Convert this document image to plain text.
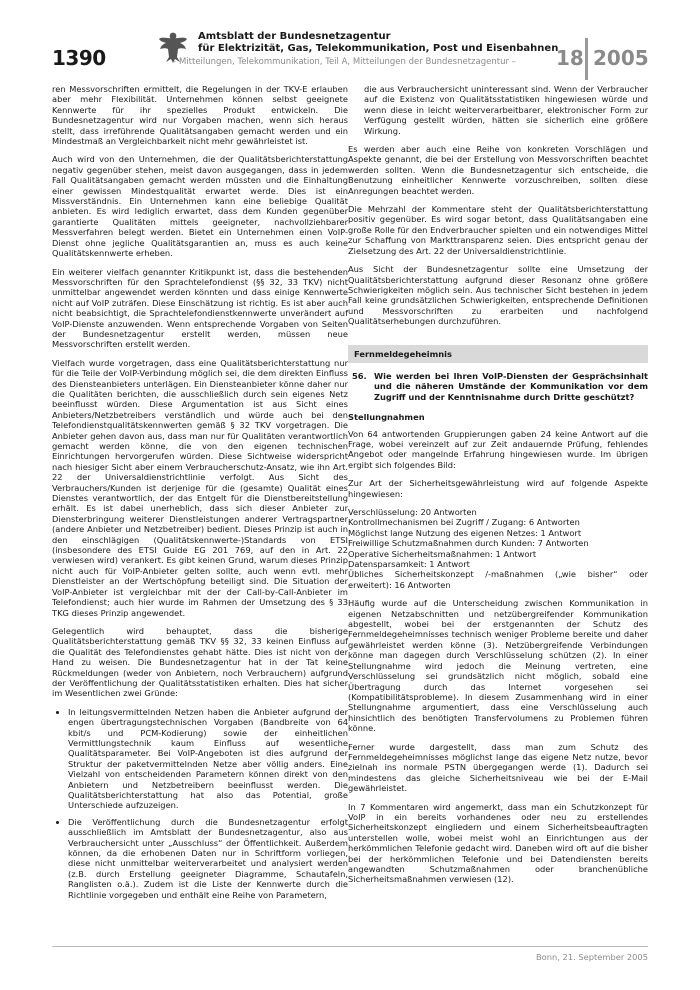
1390
Amtsblatt der Bundesnetzagentur
für Elektrizität, Gas, Telekommunikation, Post und Eisenbahnen
– Mitteilungen, Telekommunikation, Teil A, Mitteilungen der Bundesnetzagentur – 18 2005

ren Messvorschriften ermittelt, die Regelungen in der TKV-E erlauben aber mehr Flexibilität. Unternehmen können selbst geeignete Kennwerte für ihr spezielles Produkt entwickeln. Die Bundesnetzagentur wird nur Vorgaben machen, wenn sich heraus stellt, dass irreführende Qualitätsangaben gemacht werden und ein Mindestmaß an Vergleichbarkeit nicht mehr gewährleistet ist.

Auch wird von den Unternehmen, die der Qualitätsberichterstattung negativ gegenüber stehen, meist davon ausgegangen, dass in jedem Fall Qualitätsangaben gemacht werden müssten und die Einhaltung einer gewissen Mindestqualität erwartet werde. Dies ist ein Missverständnis. Ein Unternehmen kann eine beliebige Qualität anbieten. Es wird lediglich erwartet, dass dem Kunden gegenüber garantierte Qualitäten mittels geeigneter, nachvollziehbarer Messverfahren belegt werden. Bietet ein Unternehmen einen VoIP-Dienst ohne jegliche Qualitätsgarantien an, muss es auch keine Qualitätskennwerte erheben.

Ein weiterer vielfach genannter Kritikpunkt ist, dass die bestehenden Messvorschriften für den Sprachtelefondienst (§§ 32, 33 TKV) nicht unmittelbar angewendet werden könnten und dass einige Kennwerte nicht auf VoIP zuträfen. Diese Einschätzung ist richtig. Es ist aber auch nicht beabsichtigt, die Sprachtelefondienstkennwerte unverändert auf VoIP-Dienste anzuwenden. Wenn entsprechende Vorgaben von Seiten der Bundesnetzagentur erstellt werden, müssen neue Messvorschriften erstellt werden.

Vielfach wurde vorgetragen, dass eine Qualitätsberichterstattung nur für die Teile der VoIP-Verbindung möglich sei, die dem direkten Einfluss des Diensteanbieters unterlägen. Ein Diensteanbieter könne daher nur die Qualitäten berichten, die ausschließlich durch sein eigenes Netz beeinflusst würden. Diese Argumentation ist aus Sicht eines Anbieters/Netzbetreibers verständlich und würde auch bei den Telefondienstqualitätskennwerten gemäß § 32 TKV vorgetragen. Die Anbieter gehen davon aus, dass man nur für Qualitäten verantwortlich gemacht werden könne, die von den eigenen technischen Einrichtungen hervorgerufen würden. Diese Sichtweise widerspricht nach hiesiger Sicht aber einem Verbraucherschutz-Ansatz, wie ihn Art. 22 der Universaldienstrichtlinie verfolgt. Aus Sicht des Verbrauchers/Kunden ist derjenige für die (gesamte) Qualität eines Dienstes verantwortlich, der das Entgelt für die Dienstbereitstellung erhält. Es ist dabei unerheblich, dass sich dieser Anbieter zur Diensterbringung weiterer Dienstleistungen anderer Vertragspartner (andere Anbieter und Netzbetreiber) bedient. Dieses Prinzip ist auch in den einschlägigen (Qualitätskennwerte-)Standards von ETSI (insbesondere des ETSI Guide EG 201 769, auf den in Art. 22 verwiesen wird) verankert. Es gibt keinen Grund, warum dieses Prinzip nicht auch für VoIP-Anbieter gelten sollte, auch wenn evtl. mehr Dienstleister an der Wertschöpfung beteiligt sind. Die Situation der VoIP-Anbieter ist vergleichbar mit der der Call-by-Call-Anbieter im Telefondienst; auch hier wurde im Rahmen der Umsetzung des § 33 TKG dieses Prinzip angewendet.

Gelegentlich wird behauptet, dass die bisherige Qualitätsberichterstattung gemäß TKV §§ 32, 33 keinen Einfluss auf die Qualität des Telefondienstes gehabt hätte. Dies ist nicht von der Hand zu weisen. Die Bundesnetzagentur hat in der Tat keine Rückmeldungen (weder von Anbietern, noch Verbrauchern) aufgrund der Veröffentlichung der Qualitätsstatistiken erhalten. Dies hat sicher im Wesentlichen zwei Gründe:

• In leitungsvermittelnden Netzen haben die Anbieter aufgrund der engen übertragungstechnischen Vorgaben (Bandbreite von 64 kbit/s und PCM-Kodierung) sowie der einheitlichen Vermittlungstechnik kaum Einfluss auf wesentliche Qualitätsparameter. Bei VoIP-Angeboten ist dies aufgrund der Struktur der paketvermittelnden Netze aber völlig anders. Eine Vielzahl von entscheidenden Parametern können direkt von den Anbietern und Netzbetreibern beeinflusst werden. Die Qualitätsberichterstattung hat also das Potential, große Unterschiede aufzuzeigen.
• Die Veröffentlichung durch die Bundesnetzagentur erfolgt ausschließlich im Amtsblatt der Bundesnetzagentur, also aus Verbrauchersicht unter „Ausschluss“ der Öffentlichkeit. Außerdem können, da die erhobenen Daten nur in Schriftform vorliegen, diese nicht unmittelbar weiterverarbeitet und analysiert werden (z.B. durch Erstellung geeigneter Diagramme, Schautafeln, Ranglisten o.ä.). Zudem ist die Liste der Kennwerte durch die Richtlinie vorgegeben und enthält eine Reihe von Parametern,

die aus Verbrauchersicht uninteressant sind. Wenn der Verbraucher auf die Existenz von Qualitätsstatistiken hingewiesen würde und wenn diese in leicht weiterverarbeitbarer, elektronischer Form zur Verfügung gestellt würden, hätten sie sicherlich eine größere Wirkung.

Es werden aber auch eine Reihe von konkreten Vorschlägen und Aspekte genannt, die bei der Erstellung von Messvorschriften beachtet werden sollten. Wenn die Bundesnetzagentur sich entscheide, die Benutzung einheitlicher Kennwerte vorzuschreiben, sollten diese Anregungen beachtet werden.

Die Mehrzahl der Kommentare steht der Qualitätsberichterstattung positiv gegenüber. Es wird sogar betont, dass Qualitätsangaben eine große Rolle für den Endverbraucher spielten und ein notwendiges Mittel zur Schaffung von Markttransparenz seien. Dies entspricht genau der Zielsetzung des Art. 22 der Universaldienstrichtlinie.

Aus Sicht der Bundesnetzagentur sollte eine Umsetzung der Qualitätsberichterstattung aufgrund dieser Resonanz ohne größere Schwierigkeiten möglich sein. Aus technischer Sicht bestehen in jedem Fall keine grundsätzlichen Schwierigkeiten, entsprechende Definitionen und Messvorschriften zu erarbeiten und nachfolgend Qualitätserhebungen durchzuführen.

Fernmeldegeheimnis
56. Wie werden bei Ihren VoIP-Diensten der Gesprächsinhalt und die näheren Umstände der Kommunikation vor dem Zugriff und der Kenntnisnahme durch Dritte geschützt?
Stellungnahmen

Von 64 antwortenden Gruppierungen gaben 24 keine Antwort auf die Frage, wobei vereinzelt auf zur Zeit andauernde Prüfung, fehlendes Angebot oder mangelnde Erfahrung hingewiesen wurde. Im übrigen ergibt sich folgendes Bild:

Zur Art der Sicherheitsgewährleistung wird auf folgende Aspekte hingewiesen:

Verschlüsselung: 20 Antworten

Kontrollmechanismen bei Zugriff / Zugang: 6 Antworten

Möglichst lange Nutzung des eigenen Netzes: 1 Antwort

Freiwillige Schutzmaßnahmen durch Kunden: 7 Antworten

Operative Sicherheitsmaßnahmen: 1 Antwort

Datensparsamkeit: 1 Antwort

Übliches Sicherheitskonzept /-maßnahmen („wie bisher“ oder erweitert): 16 Antworten

Häufig wurde auf die Unterscheidung zwischen Kommunikation in eigenen Netzabschnitten und netzübergreifender Kommunikation abgestellt, wobei bei der erstgenannten der Schutz des Fernmeldegeheimnisses technisch weniger Probleme bereite und daher gewährleistet werden könne (3). Netzübergreifende Verbindungen könne man dagegen durch Verschlüsselung schützen (2). In einer Stellungnahme wird jedoch die Meinung vertreten, eine Verschlüsselung sei grundsätzlich nicht möglich, sobald eine Übertragung durch das Internet vorgesehen sei (Kompatibilitätsprobleme). In diesem Zusammenhang wird in einer Stellungnahme argumentiert, dass eine Verschlüsselung auch hinsichtlich des benötigten Transfervolumens zu Problemen führen könne.

Ferner wurde dargestellt, dass man zum Schutz des Fernmeldegeheimnisses möglichst lange das eigene Netz nutze, bevor zielnah ins normale PSTN übergegangen werde (1). Dadurch sei mindestens das gleiche Sicherheitsniveau wie bei der E-Mail gewährleistet.

In 7 Kommentaren wird angemerkt, dass man ein Schutzkonzept für VoIP in ein bereits vorhandenes oder neu zu erstellendes Sicherheitskonzept eingliedern und einem Sicherheitsbeauftragten unterstellen wolle, wobei meist wohl an Einrichtungen aus der herkömmlichen Telefonie gedacht wird. Daneben wird oft auf die bisher bei der herkömmlichen Telefonie und bei Datendiensten bereits angewandten Schutzmaßnahmen oder branchenübliche Sicherheitsmaßnahmen verwiesen (12).

Bonn, 21. September 2005
